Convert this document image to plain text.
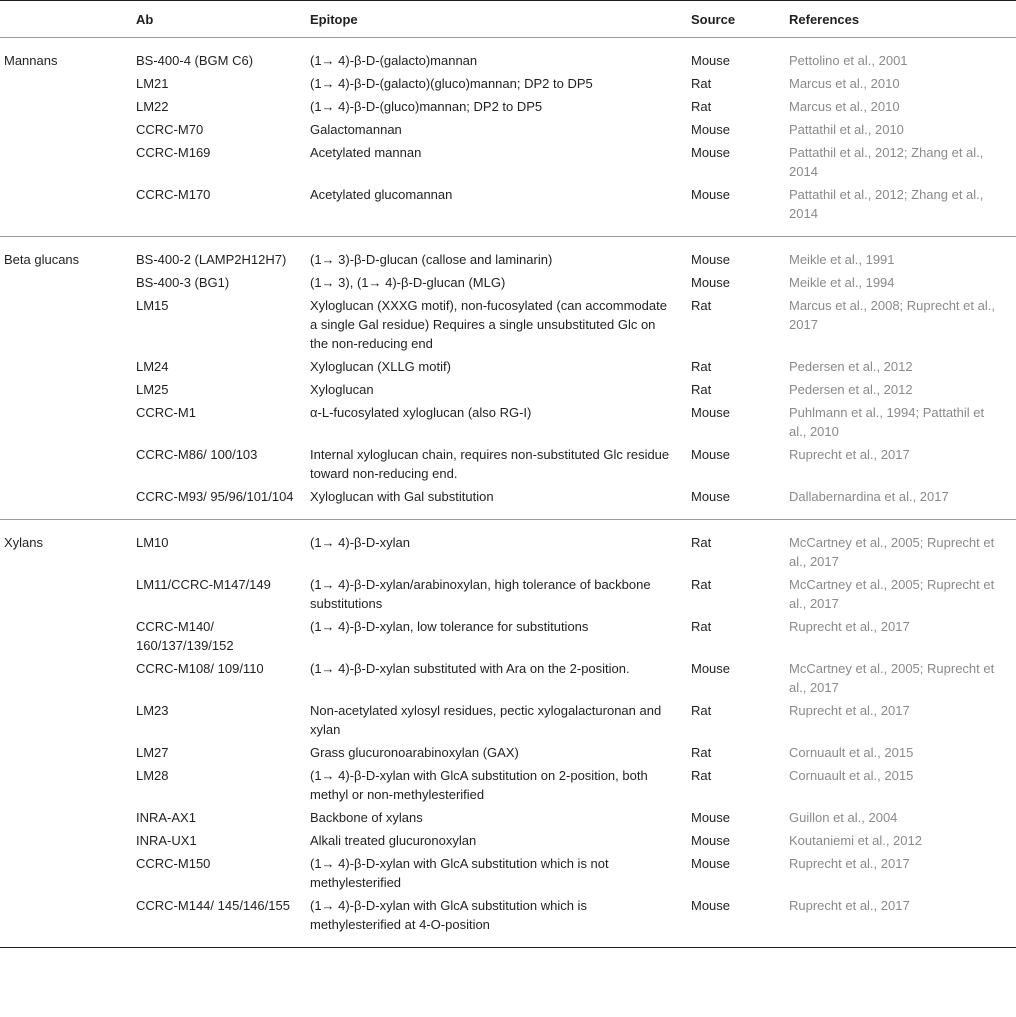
	Ab	Epitope	Source	References
Mannans	BS-400-4 (BGM C6)	(1→ 4)-β-D-(galacto)mannan	Mouse	Pettolino et al., 2001

	LM21	(1→ 4)-β-D-(galacto)(gluco)mannan; DP2 to DP5	Rat	Marcus et al., 2010

	LM22	(1→ 4)-β-D-(gluco)mannan; DP2 to DP5	Rat	Marcus et al., 2010

	CCRC-M70	Galactomannan	Mouse	Pattathil et al., 2010

	CCRC-M169	Acetylated mannan	Mouse	Pattathil et al., 2012; Zhang et al., 2014

	CCRC-M170	Acetylated glucomannan	Mouse	Pattathil et al., 2012; Zhang et al., 2014

Beta glucans	BS-400-2 (LAMP2H12H7)	(1→ 3)-β-D-glucan (callose and laminarin)	Mouse	Meikle et al., 1991

	BS-400-3 (BG1)	(1→ 3), (1→ 4)-β-D-glucan (MLG)	Mouse	Meikle et al., 1994

	LM15	Xyloglucan (XXXG motif), non-fucosylated (can accommodate a single Gal residue) Requires a single unsubstituted Glc on the non-reducing end	Rat	Marcus et al., 2008; Ruprecht et al., 2017

	LM24	Xyloglucan (XLLG motif)	Rat	Pedersen et al., 2012

	LM25	Xyloglucan	Rat	Pedersen et al., 2012

	CCRC-M1	α-L-fucosylated xyloglucan (also RG-I)	Mouse	Puhlmann et al., 1994; Pattathil et al., 2010

	CCRC-M86/ 100/103	Internal xyloglucan chain, requires non-substituted Glc residue toward non-reducing end.	Mouse	Ruprecht et al., 2017

	CCRC-M93/ 95/96/101/104	Xyloglucan with Gal substitution	Mouse	Dallabernardina et al., 2017

Xylans	LM10	(1→ 4)-β-D-xylan	Rat	McCartney et al., 2005; Ruprecht et al., 2017

	LM11/CCRC-M147/149	(1→ 4)-β-D-xylan/arabinoxylan, high tolerance of backbone substitutions	Rat	McCartney et al., 2005; Ruprecht et al., 2017

	CCRC-M140/ 160/137/139/152	(1→ 4)-β-D-xylan, low tolerance for substitutions	Rat	Ruprecht et al., 2017

	CCRC-M108/ 109/110	(1→ 4)-β-D-xylan substituted with Ara on the 2-position.	Mouse	McCartney et al., 2005; Ruprecht et al., 2017

	LM23	Non-acetylated xylosyl residues, pectic xylogalacturonan and xylan	Rat	Ruprecht et al., 2017

	LM27	Grass glucuronoarabinoxylan (GAX)	Rat	Cornuault et al., 2015

	LM28	(1→ 4)-β-D-xylan with GlcA substitution on 2-position, both methyl or non-methylesterified	Rat	Cornuault et al., 2015

	INRA-AX1	Backbone of xylans	Mouse	Guillon et al., 2004

	INRA-UX1	Alkali treated glucuronoxylan	Mouse	Koutaniemi et al., 2012

	CCRC-M150	(1→ 4)-β-D-xylan with GlcA substitution which is not methylesterified	Mouse	Ruprecht et al., 2017

	CCRC-M144/ 145/146/155	(1→ 4)-β-D-xylan with GlcA substitution which is methylesterified at 4-O-position	Mouse	Ruprecht et al., 2017
